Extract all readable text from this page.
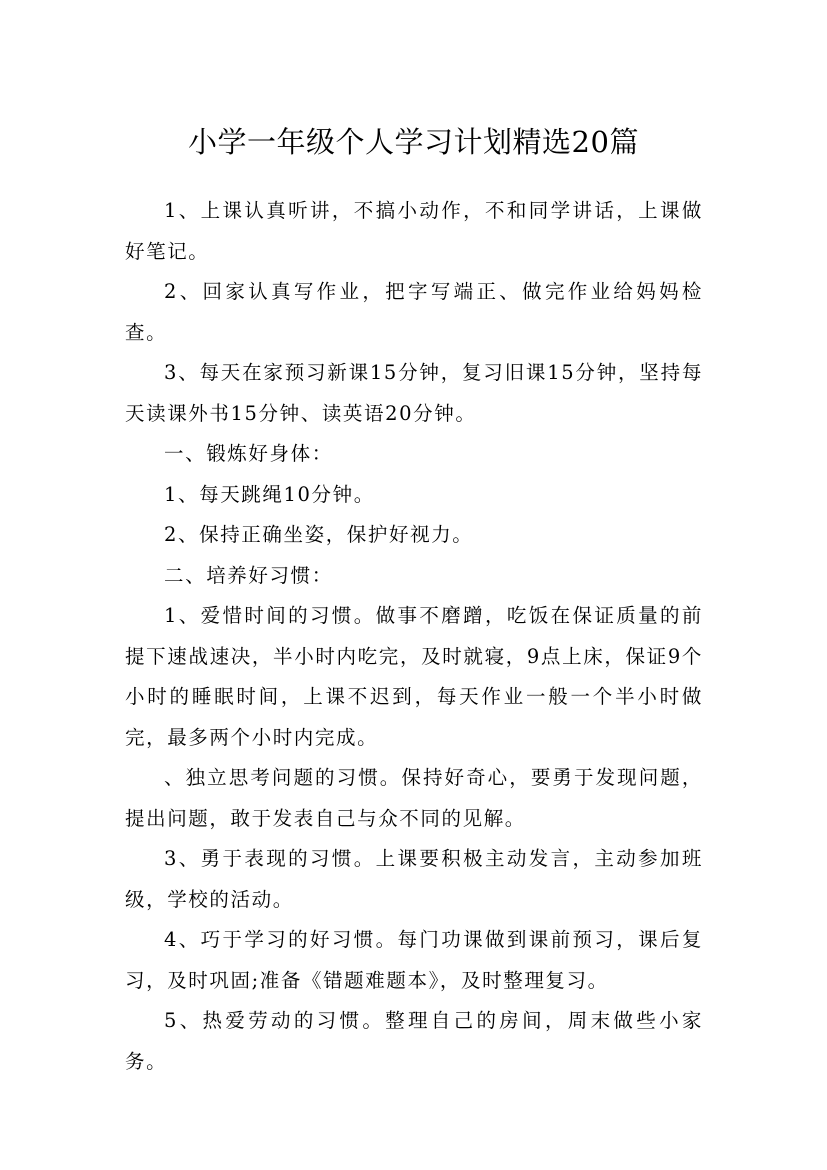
小学一年级个人学习计划精选20篇

1、上课认真听讲，不搞小动作，不和同学讲话，上课做好笔记。

2、回家认真写作业，把字写端正、做完作业给妈妈检查。

3、每天在家预习新课15分钟，复习旧课15分钟，坚持每天读课外书15分钟、读英语20分钟。

一、锻炼好身体：

1、每天跳绳10分钟。

2、保持正确坐姿，保护好视力。

二、培养好习惯：

1、爱惜时间的习惯。做事不磨蹭，吃饭在保证质量的前提下速战速决，半小时内吃完，及时就寝，9点上床，保证9个小时的睡眠时间，上课不迟到，每天作业一般一个半小时做完，最多两个小时内完成。

、独立思考问题的习惯。保持好奇心，要勇于发现问题，提出问题，敢于发表自己与众不同的见解。

3、勇于表现的习惯。上课要积极主动发言，主动参加班级，学校的活动。

4、巧于学习的好习惯。每门功课做到课前预习，课后复习，及时巩固;准备《错题难题本》，及时整理复习。

5、热爱劳动的习惯。整理自己的房间，周末做些小家务。
